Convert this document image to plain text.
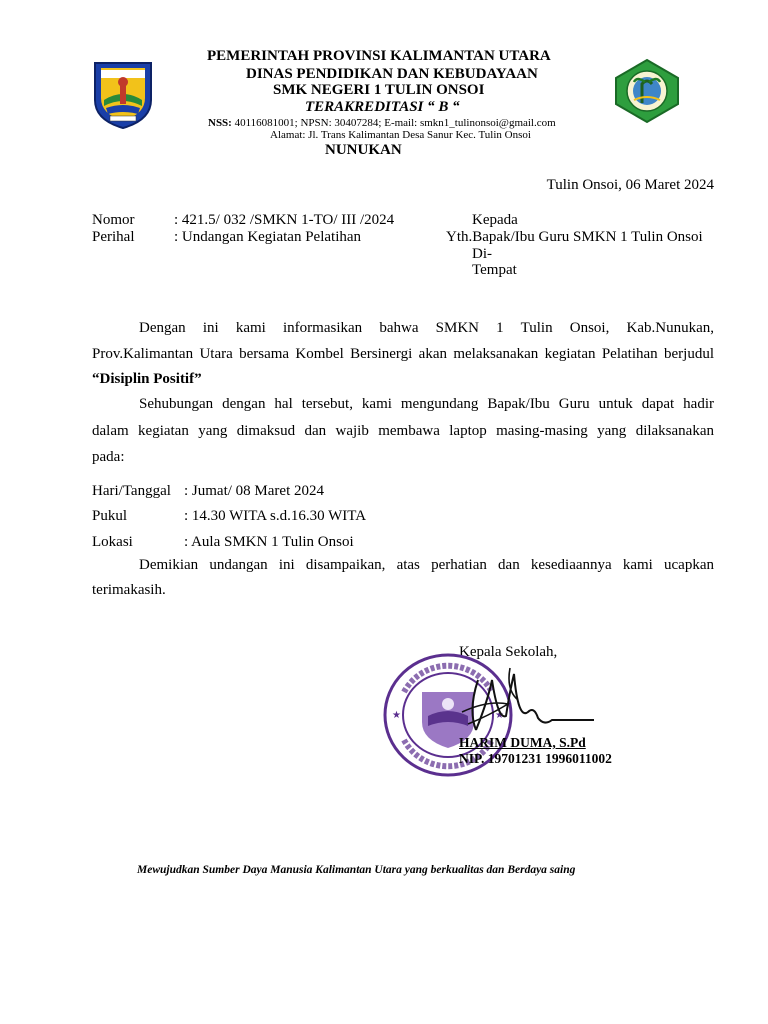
PEMERINTAH PROVINSI KALIMANTAN UTARA
DINAS PENDIDIKAN DAN KEBUDAYAAN
SMK NEGERI 1 TULIN ONSOI
TERAKREDITASI “ B “
NSS: 40116081001; NPSN: 30407284; E-mail: smkn1_tulinonsoi@gmail.com
Alamat: Jl. Trans Kalimantan Desa Sanur Kec. Tulin Onsoi
NUNUKAN
Tulin Onsoi, 06 Maret 2024
Nomor	: 421.5/ 032 /SMKN 1-TO/ III /2024
Perihal	: Undangan Kegiatan Pelatihan
Kepada
Yth.Bapak/Ibu Guru SMKN 1 Tulin Onsoi
Di-
Tempat
Dengan ini kami informasikan bahwa SMKN 1 Tulin Onsoi, Kab.Nunukan,
Prov.Kalimantan Utara bersama Kombel Bersinergi akan melaksanakan kegiatan Pelatihan berjudul
“Disiplin Positif”
Sehubungan dengan hal tersebut, kami mengundang Bapak/Ibu Guru untuk dapat hadir
dalam kegiatan yang dimaksud dan wajib membawa laptop masing-masing yang dilaksanakan
pada:
Hari/Tanggal : Jumat/ 08 Maret 2024
Pukul	: 14.30 WITA s.d.16.30 WITA
Lokasi	: Aula SMKN 1 Tulin Onsoi
Demikian undangan ini disampaikan, atas perhatian dan kesediaannya kami ucapkan
terimakasih.
Kepala Sekolah,
★	★
HARIM DUMA, S.Pd
NIP. 19701231 1996011002
Mewujudkan Sumber Daya Manusia Kalimantan Utara yang berkualitas dan Berdaya saing
